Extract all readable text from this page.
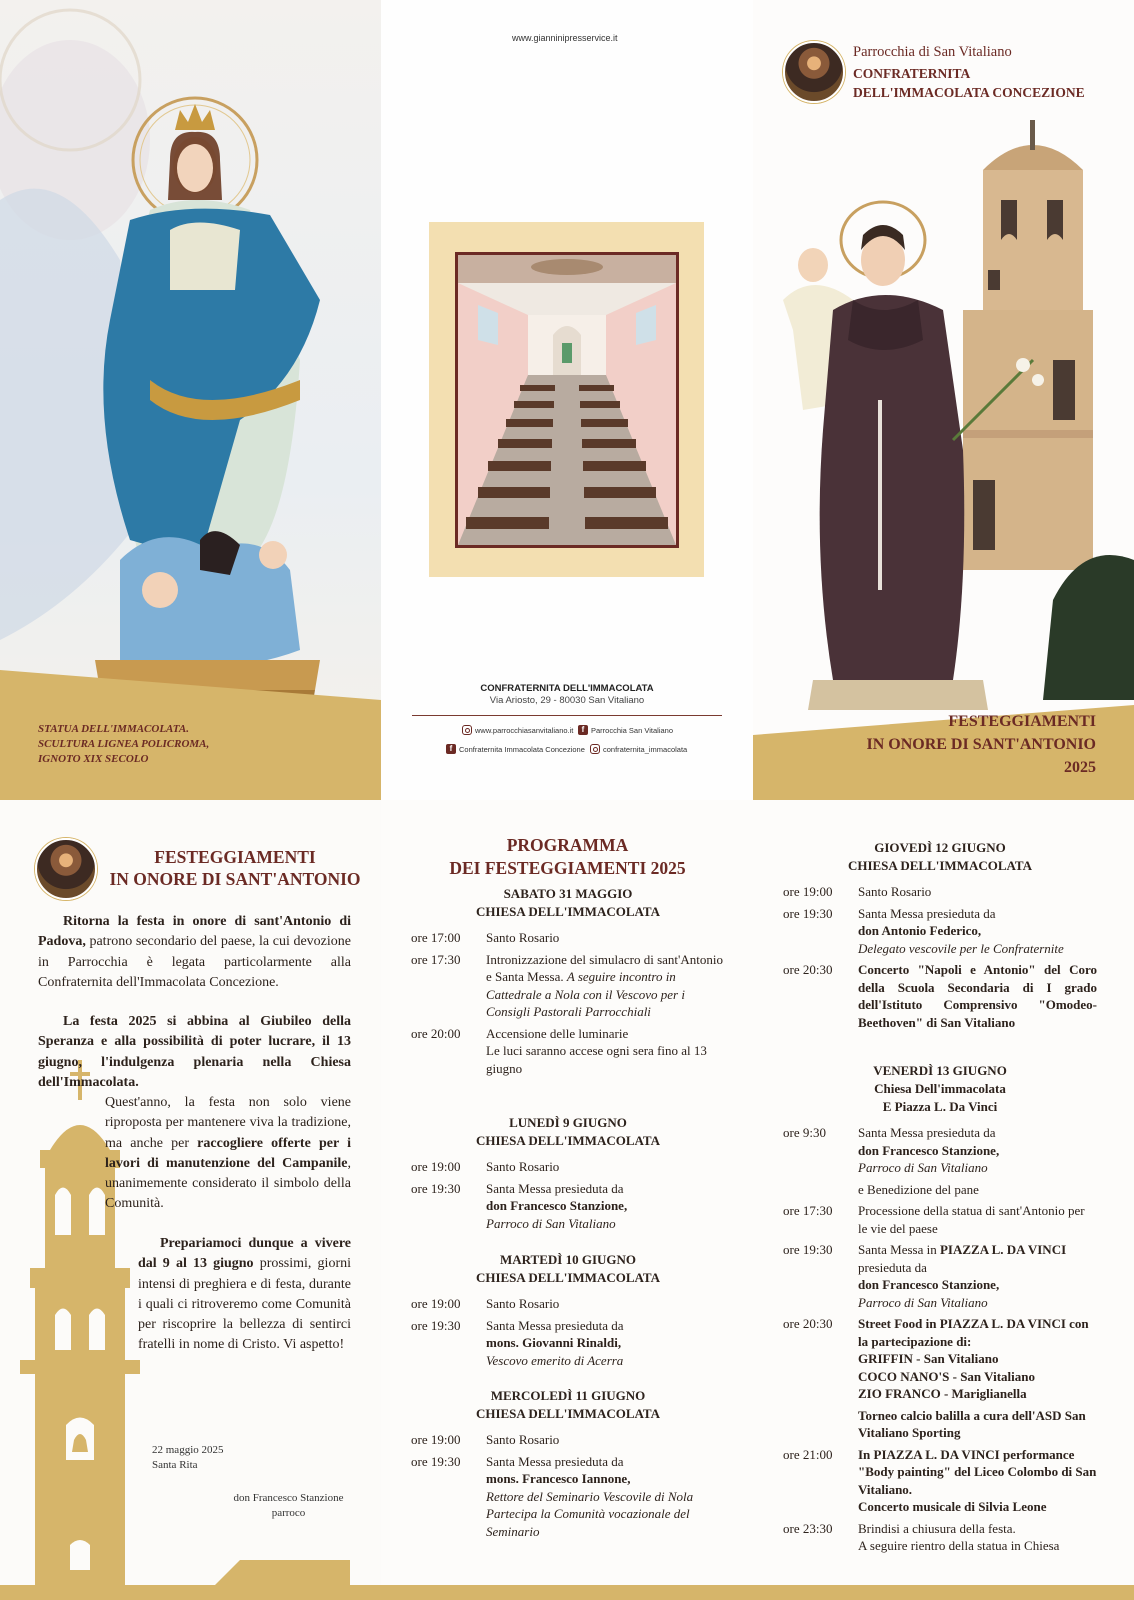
STATUA DELL'IMMACOLATA.
SCULTURA LIGNEA POLICROMA,
IGNOTO XIX SECOLO
www.gianninipresservice.it
CONFRATERNITA DELL'IMMACOLATA
Via Ariosto, 29 - 80030 San Vitaliano
www.parrocchiasanvitaliano.it	f Parrocchia San Vitaliano
f Confraternita Immacolata Concezione confraternita_immacolata
FESTEGGIAMENTI
IN ONORE DI SANT'ANTONIO
2025
Parrocchia di San Vitaliano
CONFRATERNITA
DELL'IMMACOLATA CONCEZIONE
FESTEGGIAMENTI
IN ONORE DI SANT'ANTONIO
Ritorna la festa in onore di sant'Antonio di Padova, patrono secondario del paese, la cui devozione in Parrocchia è legata particolarmente alla Confraternita dell'Immacolata Concezione.
La festa 2025 si abbina al Giubileo della Speranza e alla possibilità di poter lucrare, il 13 giugno, l'indulgenza plenaria nella Chiesa dell'Immacolata.
Quest'anno, la festa non solo viene riproposta per mantenere viva la tradizione, ma anche per raccogliere offerte per i lavori di manutenzione del Campanile, unanimemente considerato il simbolo della Comunità.
Prepariamoci dunque a vivere dal 9 al 13 giugno prossimi, giorni intensi di preghiera e di festa, durante i quali ci ritroveremo come Comunità per riscoprire la bellezza di sentirci fratelli in nome di Cristo. Vi aspetto!
22 maggio 2025
Santa Rita
don Francesco Stanzione
parroco
PROGRAMMA
DEI FESTEGGIAMENTI 2025
SABATO 31 MAGGIO
CHIESA DELL'IMMACOLATA
ore 17:00	Santo Rosario
ore 17:30	Intronizzazione del simulacro di sant'Antonio e Santa Messa. A seguire incontro in Cattedrale a Nola con il Vescovo per i Consigli Pastorali Parrocchiali
ore 20:00	Accensione delle luminarie
Le luci saranno accese ogni sera fino al 13 giugno
LUNEDÌ 9 GIUGNO
CHIESA DELL'IMMACOLATA
ore 19:00	Santo Rosario
ore 19:30	Santa Messa presieduta da
don Francesco Stanzione,
Parroco di San Vitaliano
MARTEDÌ 10 GIUGNO
CHIESA DELL'IMMACOLATA
ore 19:00	Santo Rosario
ore 19:30	Santa Messa presieduta da
mons. Giovanni Rinaldi,
Vescovo emerito di Acerra
MERCOLEDÌ 11 GIUGNO
CHIESA DELL'IMMACOLATA
ore 19:00	Santo Rosario
ore 19:30	Santa Messa presieduta da
mons. Francesco Iannone,
Rettore del Seminario Vescovile di Nola
Partecipa la Comunità vocazionale del Seminario
GIOVEDÌ 12 GIUGNO
CHIESA DELL'IMMACOLATA
ore 19:00	Santo Rosario
ore 19:30	Santa Messa presieduta da
don Antonio Federico,
Delegato vescovile per le Confraternite
ore 20:30	Concerto "Napoli e Antonio" del Coro della Scuola Secondaria di I grado dell'Istituto Comprensivo "Omodeo-Beethoven" di San Vitaliano
VENERDÌ 13 GIUGNO
Chiesa Dell'immacolata
E Piazza L. Da Vinci
ore 9:30	Santa Messa presieduta da
don Francesco Stanzione,
Parroco di San Vitaliano
e Benedizione del pane
ore 17:30	Processione della statua di sant'Antonio per le vie del paese
ore 19:30	Santa Messa in PIAZZA L. DA VINCI
presieduta da
don Francesco Stanzione,
Parroco di San Vitaliano
ore 20:30	Street Food in PIAZZA L. DA VINCI con la partecipazione di:
GRIFFIN - San Vitaliano
COCO NANO'S - San Vitaliano
ZIO FRANCO - Mariglianella
Torneo calcio balilla a cura dell'ASD San Vitaliano Sporting
ore 21:00	In PIAZZA L. DA VINCI performance "Body painting" del Liceo Colombo di San Vitaliano.
Concerto musicale di Silvia Leone
ore 23:30	Brindisi a chiusura della festa.
A seguire rientro della statua in Chiesa
